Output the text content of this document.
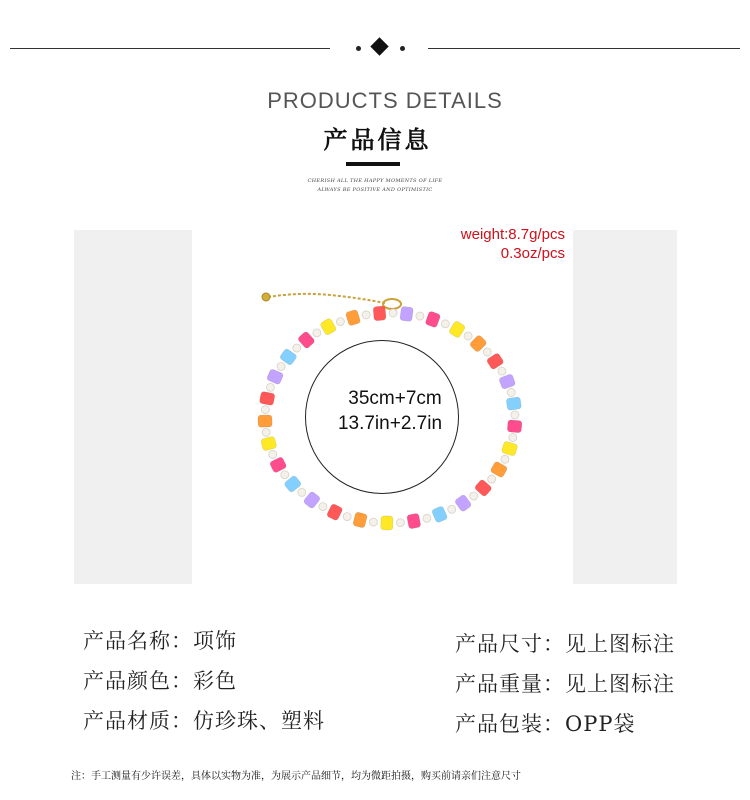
PRODUCTS DETAILS
产品信息
CHERISH ALL THE HAPPY MOMENTS OF LIFE
ALWAYS BE POSITIVE AND OPTIMISTIC
weight:8.7g/pcs
0.3oz/pcs
35cm+7cm
13.7in+2.7in
产品名称：项饰
产品颜色：彩色
产品材质：仿珍珠、塑料
产品尺寸：见上图标注
产品重量：见上图标注
产品包装：OPP袋
注：手工测量有少许误差，具体以实物为准，为展示产品细节，均为微距拍摄，购买前请亲们注意尺寸
